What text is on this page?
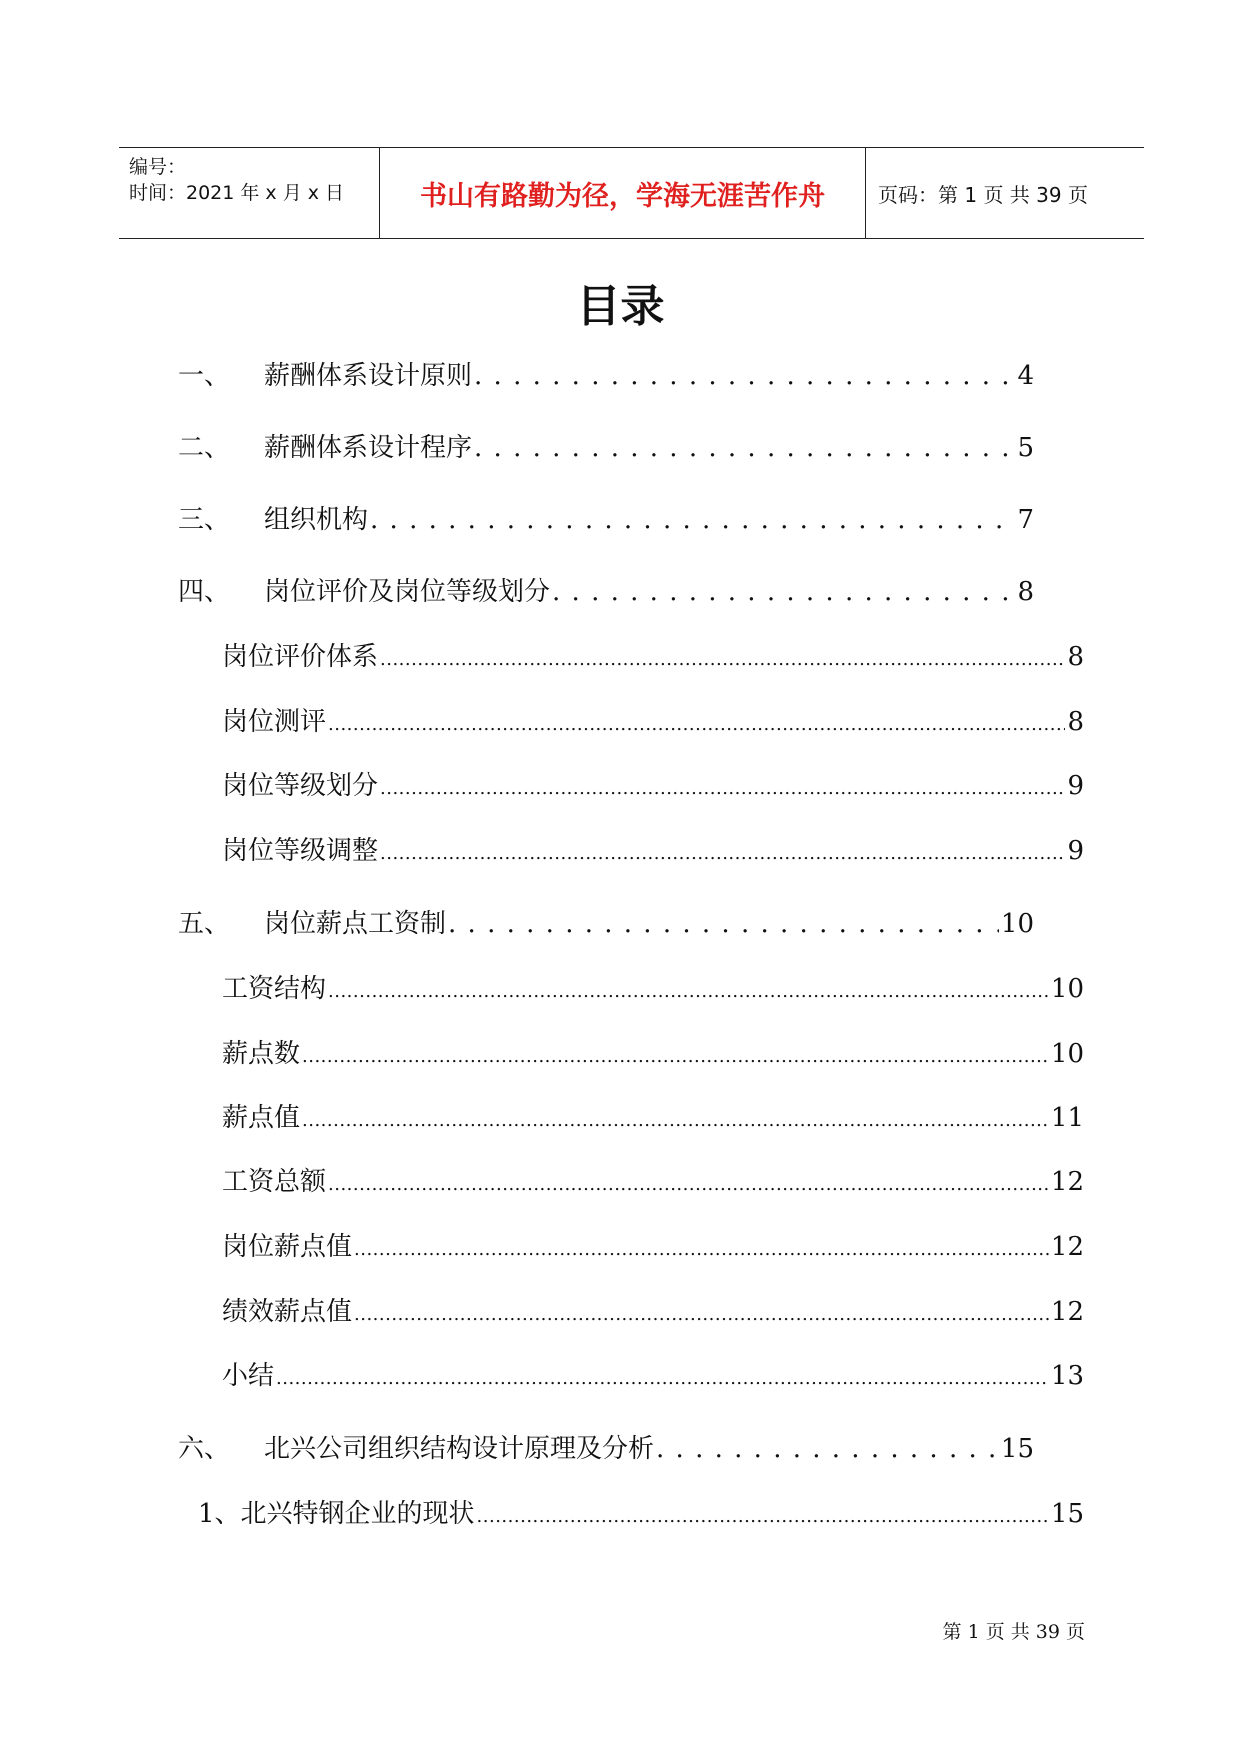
编号：
时间：2021 年 x 月 x 日	书山有路勤为径，学海无涯苦作舟	页码：第 1 页 共 39 页
目录
一、	薪酬体系设计原则 . . .	4
二、	薪酬体系设计程序 . . .	5
三、	组织机构 . . .	7
四、	岗位评价及岗位等级划分 . . .	8
岗位评价体系 .....	8
岗位测评 .....	8
岗位等级划分 .....	9
岗位等级调整 .....	9
五、	岗位薪点工资制 . . .	10
工资结构 .....	10
薪点数 .....	10
薪点值 .....	11
工资总额 .....	12
岗位薪点值 .....	12
绩效薪点值 .....	12
小结 .....	13
六、	北兴公司组织结构设计原理及分析 . . .	15
1、北兴特钢企业的现状 .....	15
第 1 页 共 39 页
